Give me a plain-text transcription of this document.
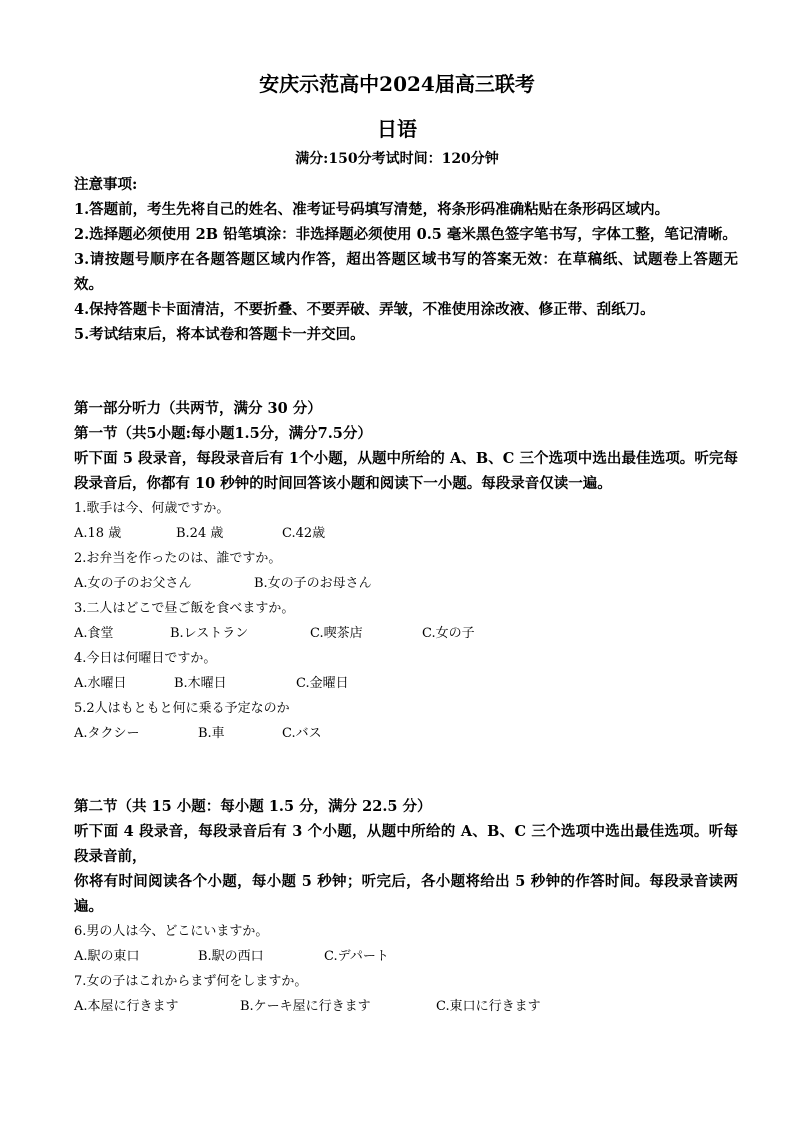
安庆示范高中2024届高三联考
日语
满分:150分考试时间：120分钟
注意事项:
1.答题前，考生先将自己的姓名、准考证号码填写清楚，将条形码准确粘贴在条形码区域内。
2.选择题必须使用 2B 铅笔填涂：非选择题必须使用 0.5 毫米黑色签字笔书写，字体工整，笔记清晰。
3.请按题号顺序在各题答题区域内作答，超出答题区域书写的答案无效：在草稿纸、试题卷上答题无效。
4.保持答题卡卡面清洁，不要折叠、不要弄破、弄皱，不准使用涂改液、修正带、刮纸刀。
5.考试结束后，将本试卷和答题卡一并交回。
第一部分听力（共两节，满分 30 分）
第一节（共5小题:每小题1.5分，满分7.5分）
听下面 5 段录音，每段录音后有 1个小题，从题中所给的 A、B、C 三个选项中选出最佳选项。听完每段录音后，你都有 10 秒钟的时间回答该小题和阅读下一小题。每段录音仅读一遍。
1.歌手は今、何歳ですか。
A.18 歳	B.24 歳	C.42歳
2.お弁当を作ったのは、誰ですか。
A.女の子のお父さん	B.女の子のお母さん
3.二人はどこで昼ご飯を食べますか。
A.食堂	B.レストラン	C.喫茶店	C.女の子
4.今日は何曜日ですか。
A.水曜日	B.木曜日	C.金曜日
5.2人はもともと何に乗る予定なのか
A.タクシー	B.車	C.バス
第二节（共 15 小题：每小题 1.5 分，满分 22.5 分）
听下面 4 段录音，每段录音后有 3 个小题，从题中所给的 A、B、C 三个选项中选出最佳选项。听每段录音前，
你将有时间阅读各个小题，每小题 5 秒钟；听完后，各小题将给出 5 秒钟的作答时间。每段录音读两遍。
6.男の人は今、どこにいますか。
A.駅の東口	B.駅の西口	C.デパート
7.女の子はこれからまず何をしますか。
A.本屋に行きます	B.ケーキ屋に行きます	C.東口に行きます
